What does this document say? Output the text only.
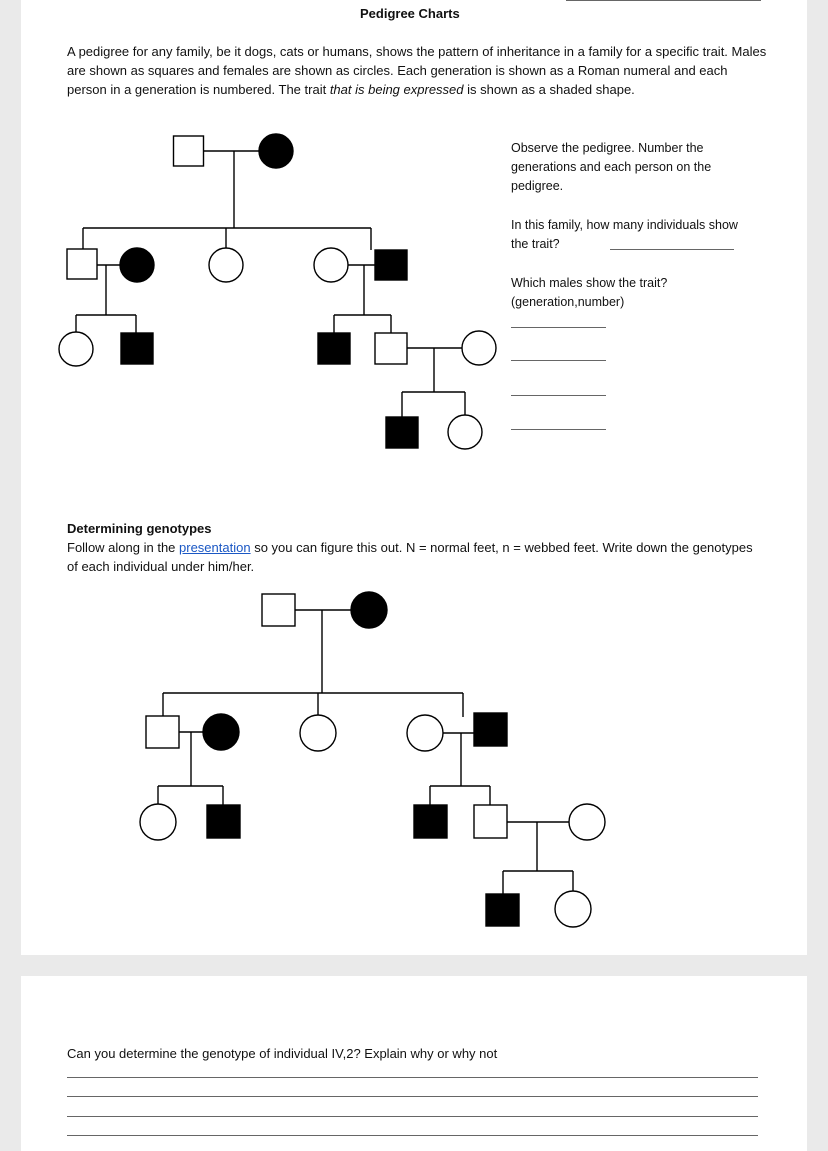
Pedigree Charts
A pedigree for any family, be it dogs, cats or humans, shows the pattern of inheritance in a family for a specific trait. Males are shown as squares and females are shown as circles. Each generation is shown as a Roman numeral and each person in a generation is numbered. The trait that is being expressed is shown as a shaded shape.
Observe the pedigree. Number the generations and each person on the pedigree.
In this family, how many individuals show the trait?
Which males show the trait? (generation,number)
Determining genotypes
Follow along in the presentation so you can figure this out. N = normal feet, n = webbed feet. Write down the genotypes of each individual under him/her.
Can you determine the genotype of individual IV,2? Explain why or why not
